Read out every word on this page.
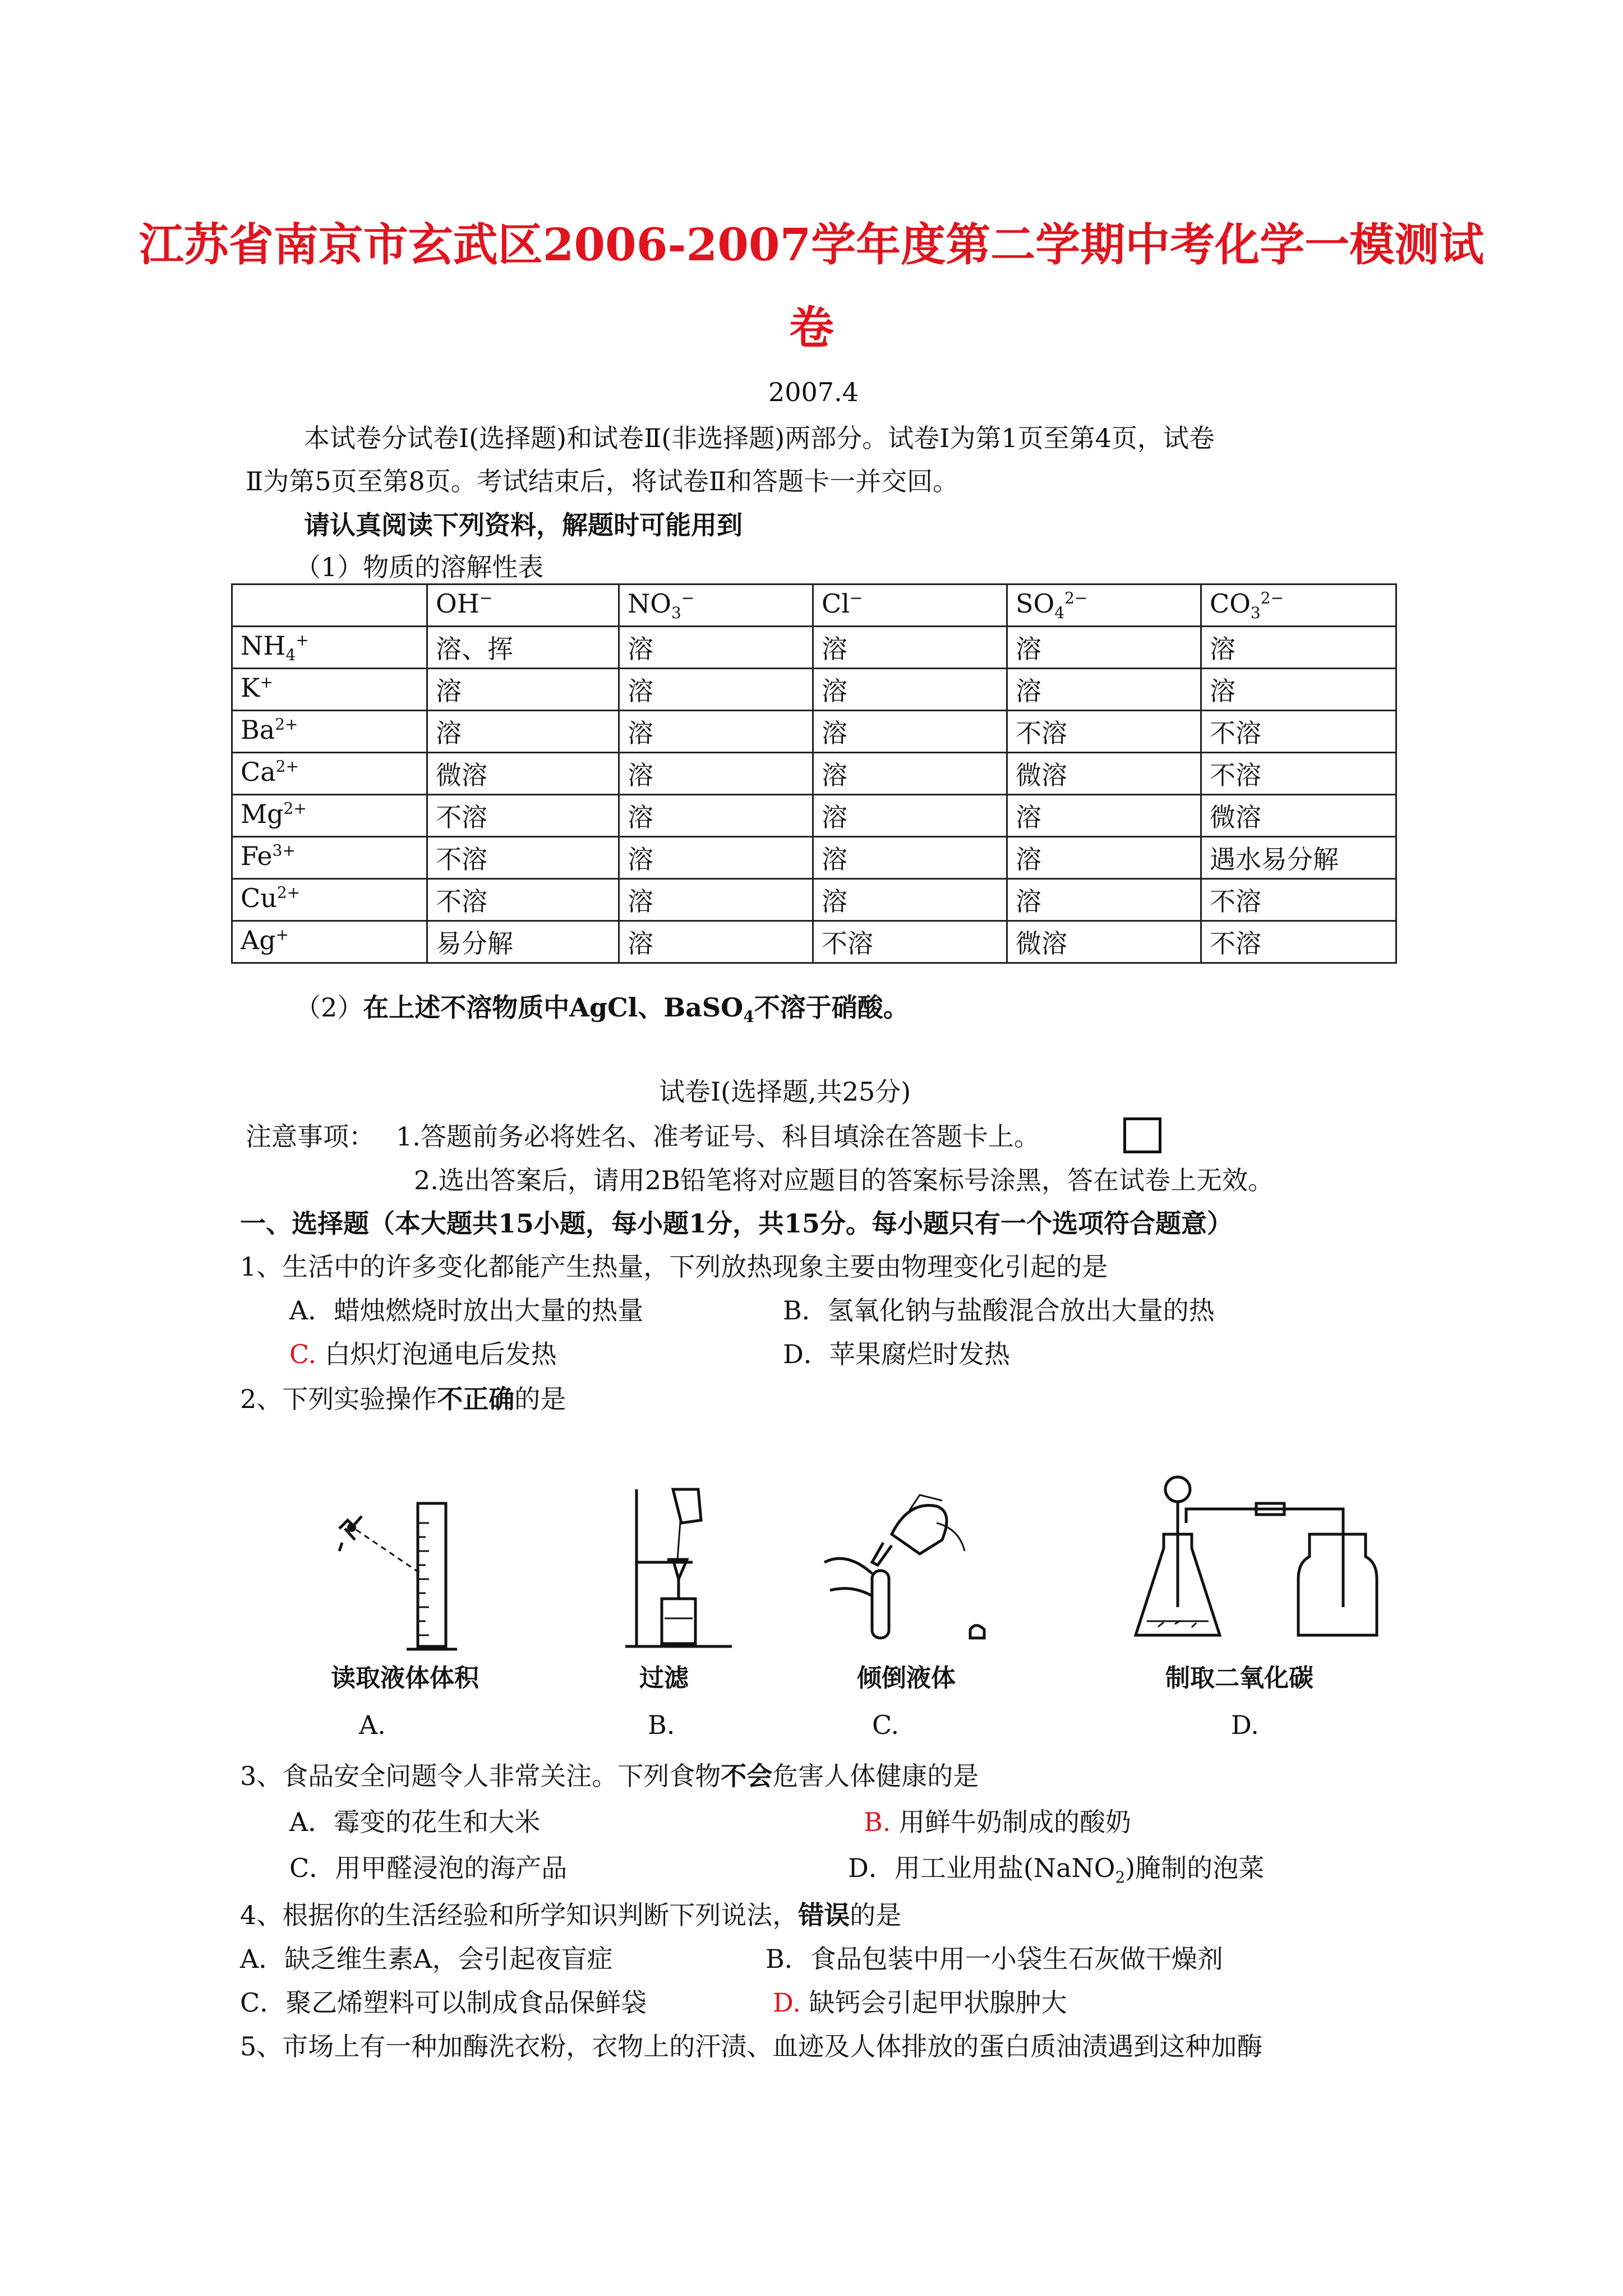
江苏省南京市玄武区2006-2007学年度第二学期中考化学一模测试
卷
2007.4
本试卷分试卷Ⅰ(选择题)和试卷Ⅱ(非选择题)两部分。试卷Ⅰ为第1页至第4页，试卷
Ⅱ为第5页至第8页。考试结束后，将试卷Ⅱ和答题卡一并交回。
请认真阅读下列资料，解题时可能用到
（1）物质的溶解性表
	OH−	$NO_3^-$	Cl−	$SO_4^{2-}$	$CO_3^{2-}$
$NH_4^+$	溶、挥	溶	溶	溶	溶
K+	溶	溶	溶	溶	溶
$Ba^{2+}$	溶	溶	溶	不溶	不溶
$Ca^{2+}$	微溶	溶	溶	微溶	不溶
$Mg^{2+}$	不溶	溶	溶	溶	微溶
$Fe^{3+}$	不溶	溶	溶	溶	遇水易分解
$Cu^{2+}$	不溶	溶	溶	溶	不溶
Ag+	易分解	溶	不溶	微溶	不溶
（2）在上述不溶物质中AgCl、BaSO$_4$不溶于硝酸。
试卷Ⅰ(选择题,共25分)
注意事项： 1.答题前务必将姓名、准考证号、科目填涂在答题卡上。
2.选出答案后，请用2B铅笔将对应题目的答案标号涂黑，答在试卷上无效。
一、选择题（本大题共15小题，每小题1分，共15分。每小题只有一个选项符合题意）
1、生活中的许多变化都能产生热量，下列放热现象主要由物理变化引起的是
A．蜡烛燃烧时放出大量的热量	B．氢氧化钠与盐酸混合放出大量的热
C. 白炽灯泡通电后发热	D．苹果腐烂时发热
2、下列实验操作不正确的是
读取液体体积	过滤	倾倒液体	制取二氧化碳
A.	B.	C.	D.
3、食品安全问题令人非常关注。下列食物不会危害人体健康的是
A．霉变的花生和大米	B. 用鲜牛奶制成的酸奶
C．用甲醛浸泡的海产品	D．用工业用盐(NaNO$_2$)腌制的泡菜
4、根据你的生活经验和所学知识判断下列说法，错误的是
A．缺乏维生素A，会引起夜盲症	B．食品包装中用一小袋生石灰做干燥剂
C．聚乙烯塑料可以制成食品保鲜袋	D. 缺钙会引起甲状腺肿大
5、市场上有一种加酶洗衣粉，衣物上的汗渍、血迹及人体排放的蛋白质油渍遇到这种加酶
